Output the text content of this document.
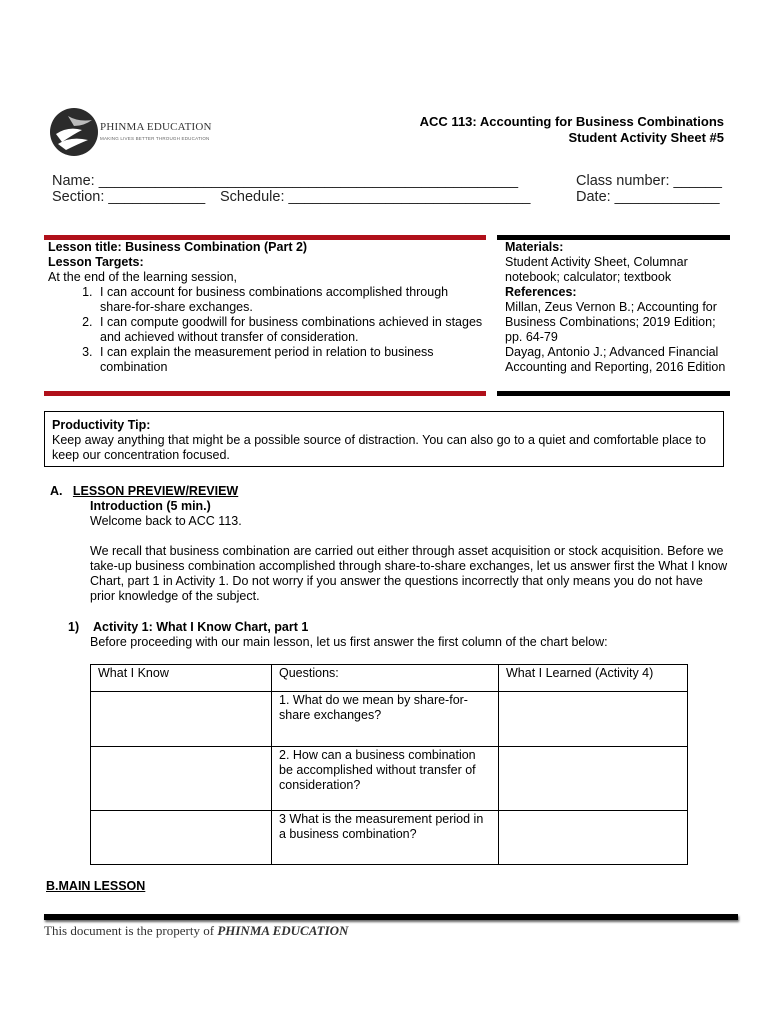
PHINMA EDUCATION
MAKING LIVES BETTER THROUGH EDUCATION
ACC 113: Accounting for Business Combinations
Student Activity Sheet #5
Name: ____________________________________________________	Class number: ______
Section: ____________ Schedule: ______________________________	Date: _____________
Lesson title: Business Combination (Part 2)
Lesson Targets:
At the end of the learning session,
1. I can account for business combinations accomplished through share-for-share exchanges.
2. I can compute goodwill for business combinations achieved in stages and achieved without transfer of consideration.
3. I can explain the measurement period in relation to business combination
Materials:
Student Activity Sheet, Columnar notebook; calculator; textbook
References:
Millan, Zeus Vernon B.; Accounting for Business Combinations; 2019 Edition; pp. 64-79
Dayag, Antonio J.; Advanced Financial Accounting and Reporting, 2016 Edition
Productivity Tip:
Keep away anything that might be a possible source of distraction. You can also go to a quiet and comfortable place to keep our concentration focused.
A. LESSON PREVIEW/REVIEW
Introduction (5 min.)
Welcome back to ACC 113.
We recall that business combination are carried out either through asset acquisition or stock acquisition. Before we take-up business combination accomplished through share-to-share exchanges, let us answer first the What I know Chart, part 1 in Activity 1. Do not worry if you answer the questions incorrectly that only means you do not have prior knowledge of the subject.
1) Activity 1: What I Know Chart, part 1
Before proceeding with our main lesson, let us first answer the first column of the chart below:
What I Know	Questions:	What I Learned (Activity 4)
	1. What do we mean by share-for-share exchanges?	
	2. How can a business combination be accomplished without transfer of consideration?	
	3 What is the measurement period in a business combination?	
B.MAIN LESSON
This document is the property of PHINMA EDUCATION
